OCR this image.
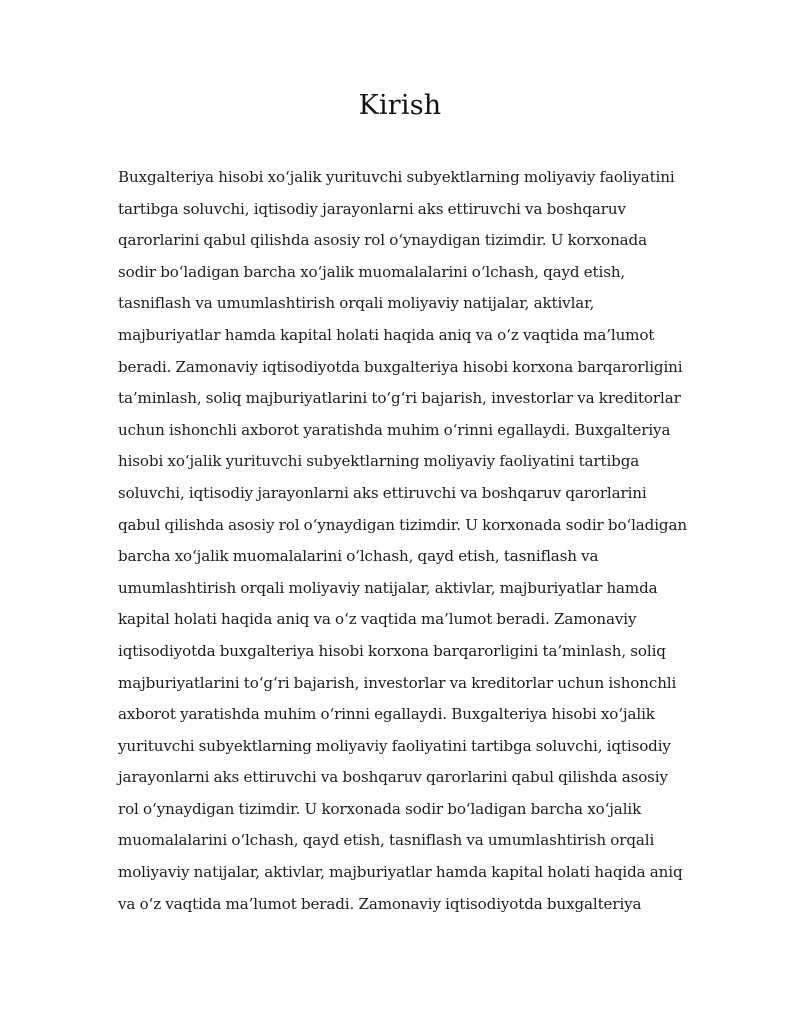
Kirish

Buxgalteriya hisobi xo‘jalik yurituvchi subyektlarning moliyaviy faoliyatini tartibga soluvchi, iqtisodiy jarayonlarni aks ettiruvchi va boshqaruv qarorlarini qabul qilishda asosiy rol o‘ynaydigan tizimdir. U korxonada sodir bo‘ladigan barcha xo‘jalik muomalalarini o‘lchash, qayd etish, tasniflash va umumlashtirish orqali moliyaviy natijalar, aktivlar, majburiyatlar hamda kapital holati haqida aniq va o‘z vaqtida ma’lumot beradi. Zamonaviy iqtisodiyotda buxgalteriya hisobi korxona barqarorligini ta’minlash, soliq majburiyatlarini to‘g‘ri bajarish, investorlar va kreditorlar uchun ishonchli axborot yaratishda muhim o‘rinni egallaydi. Buxgalteriya hisobi xo‘jalik yurituvchi subyektlarning moliyaviy faoliyatini tartibga soluvchi, iqtisodiy jarayonlarni aks ettiruvchi va boshqaruv qarorlarini qabul qilishda asosiy rol o‘ynaydigan tizimdir. U korxonada sodir bo‘ladigan barcha xo‘jalik muomalalarini o‘lchash, qayd etish, tasniflash va umumlashtirish orqali moliyaviy natijalar, aktivlar, majburiyatlar hamda kapital holati haqida aniq va o‘z vaqtida ma’lumot beradi. Zamonaviy iqtisodiyotda buxgalteriya hisobi korxona barqarorligini ta’minlash, soliq majburiyatlarini to‘g‘ri bajarish, investorlar va kreditorlar uchun ishonchli axborot yaratishda muhim o‘rinni egallaydi. Buxgalteriya hisobi xo‘jalik yurituvchi subyektlarning moliyaviy faoliyatini tartibga soluvchi, iqtisodiy jarayonlarni aks ettiruvchi va boshqaruv qarorlarini qabul qilishda asosiy rol o‘ynaydigan tizimdir. U korxonada sodir bo‘ladigan barcha xo‘jalik muomalalarini o‘lchash, qayd etish, tasniflash va umumlashtirish orqali moliyaviy natijalar, aktivlar, majburiyatlar hamda kapital holati haqida aniq va o‘z vaqtida ma’lumot beradi. Zamonaviy iqtisodiyotda buxgalteriya
